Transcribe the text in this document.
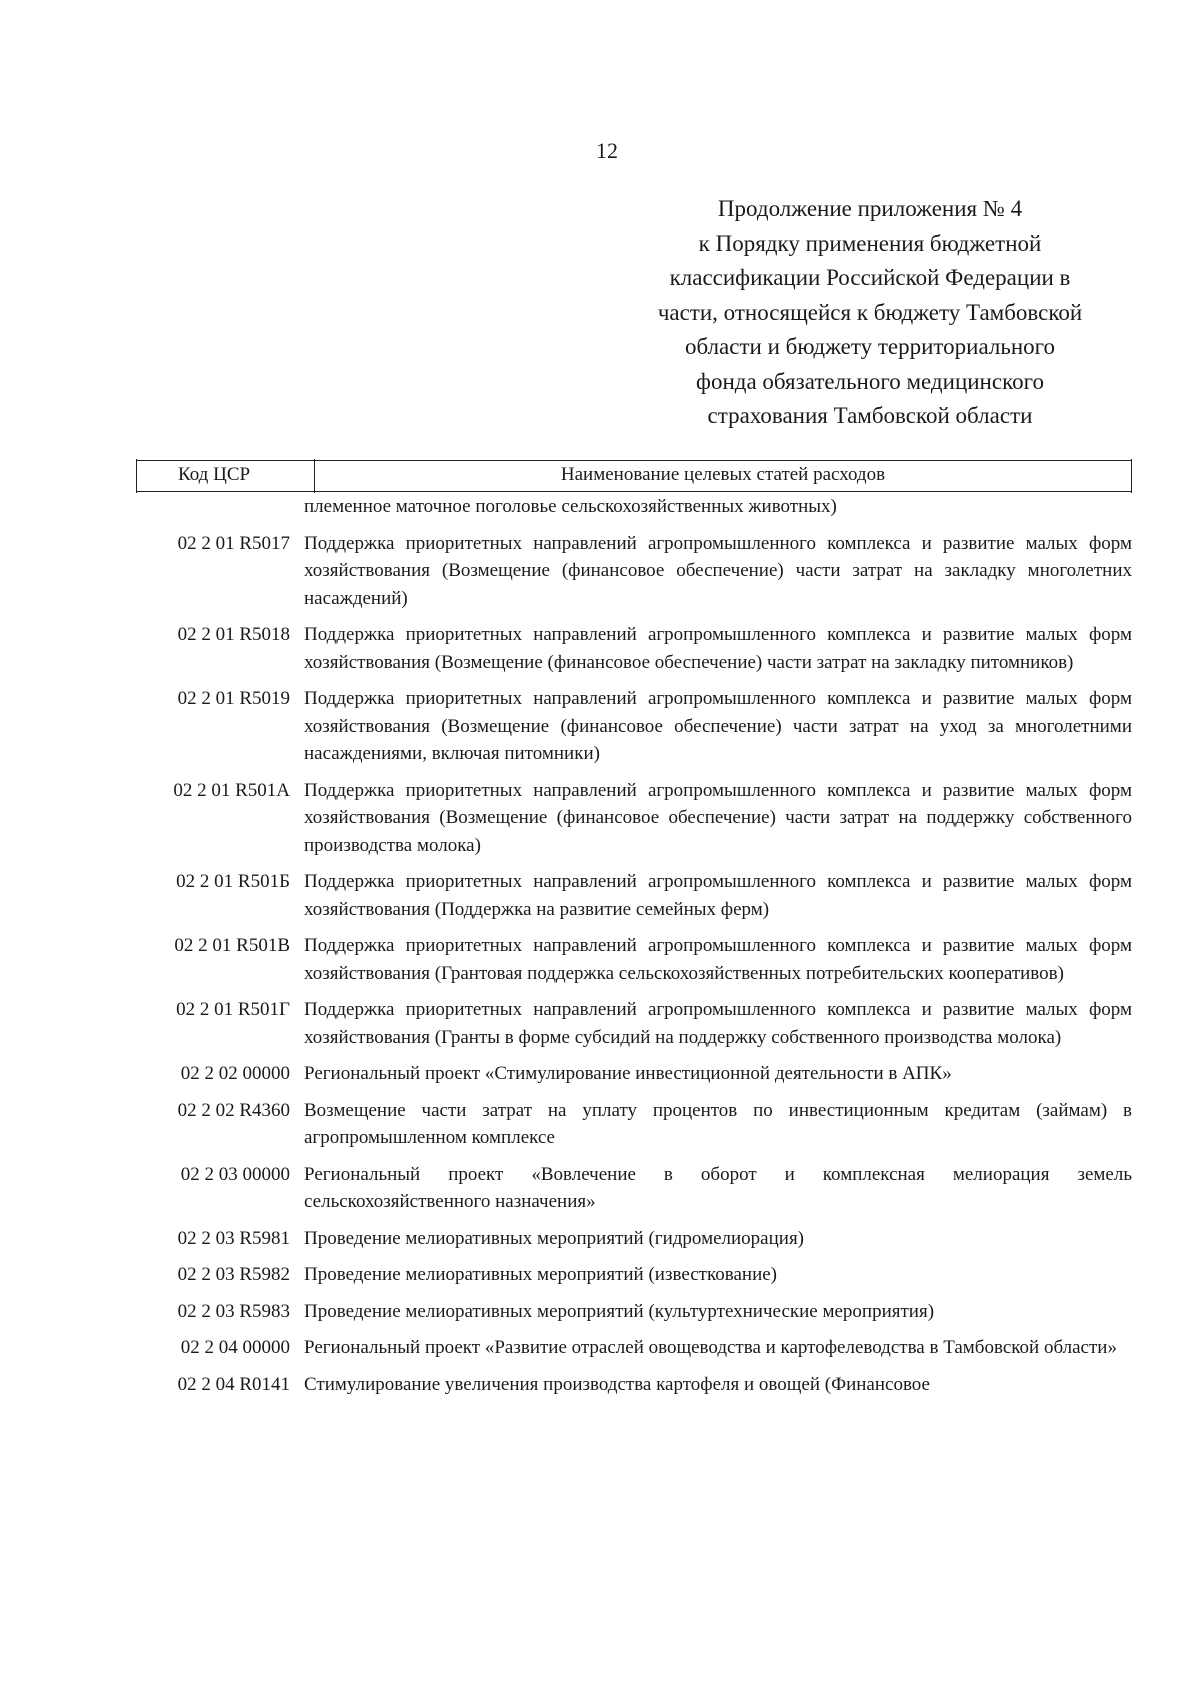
12
Продолжение приложения № 4
к Порядку применения бюджетной
классификации Российской Федерации в
части, относящейся к бюджету Тамбовской
области и бюджету территориального
фонда обязательного медицинского
страхования Тамбовской области
Код ЦСР	Наименование целевых статей расходов
племенное маточное поголовье сельскохозяйственных животных)
02 2 01 R5017 Поддержка приоритетных направлений агропромышленного комплекса и развитие малых форм хозяйствования (Возмещение (финансовое обеспечение) части затрат на закладку многолетних насаждений)
02 2 01 R5018 Поддержка приоритетных направлений агропромышленного комплекса и развитие малых форм хозяйствования (Возмещение (финансовое обеспечение) части затрат на закладку питомников)
02 2 01 R5019 Поддержка приоритетных направлений агропромышленного комплекса и развитие малых форм хозяйствования (Возмещение (финансовое обеспечение) части затрат на уход за многолетними насаждениями, включая питомники)
02 2 01 R501А Поддержка приоритетных направлений агропромышленного комплекса и развитие малых форм хозяйствования (Возмещение (финансовое обеспечение) части затрат на поддержку собственного производства молока)
02 2 01 R501Б Поддержка приоритетных направлений агропромышленного комплекса и развитие малых форм хозяйствования (Поддержка на развитие семейных ферм)
02 2 01 R501В Поддержка приоритетных направлений агропромышленного комплекса и развитие малых форм хозяйствования (Грантовая поддержка сельскохозяйственных потребительских кооперативов)
02 2 01 R501Г Поддержка приоритетных направлений агропромышленного комплекса и развитие малых форм хозяйствования (Гранты в форме субсидий на поддержку собственного производства молока)
02 2 02 00000 Региональный проект «Стимулирование инвестиционной деятельности в АПК»
02 2 02 R4360 Возмещение части затрат на уплату процентов по инвестиционным кредитам (займам) в агропромышленном комплексе
02 2 03 00000 Региональный проект «Вовлечение в оборот и комплексная мелиорация земель сельскохозяйственного назначения»
02 2 03 R5981 Проведение мелиоративных мероприятий (гидромелиорация)
02 2 03 R5982 Проведение мелиоративных мероприятий (известкование)
02 2 03 R5983 Проведение мелиоративных мероприятий (культуртехнические мероприятия)
02 2 04 00000 Региональный проект «Развитие отраслей овощеводства и картофелеводства в Тамбовской области»
02 2 04 R0141 Стимулирование увеличения производства картофеля и овощей (Финансовое
